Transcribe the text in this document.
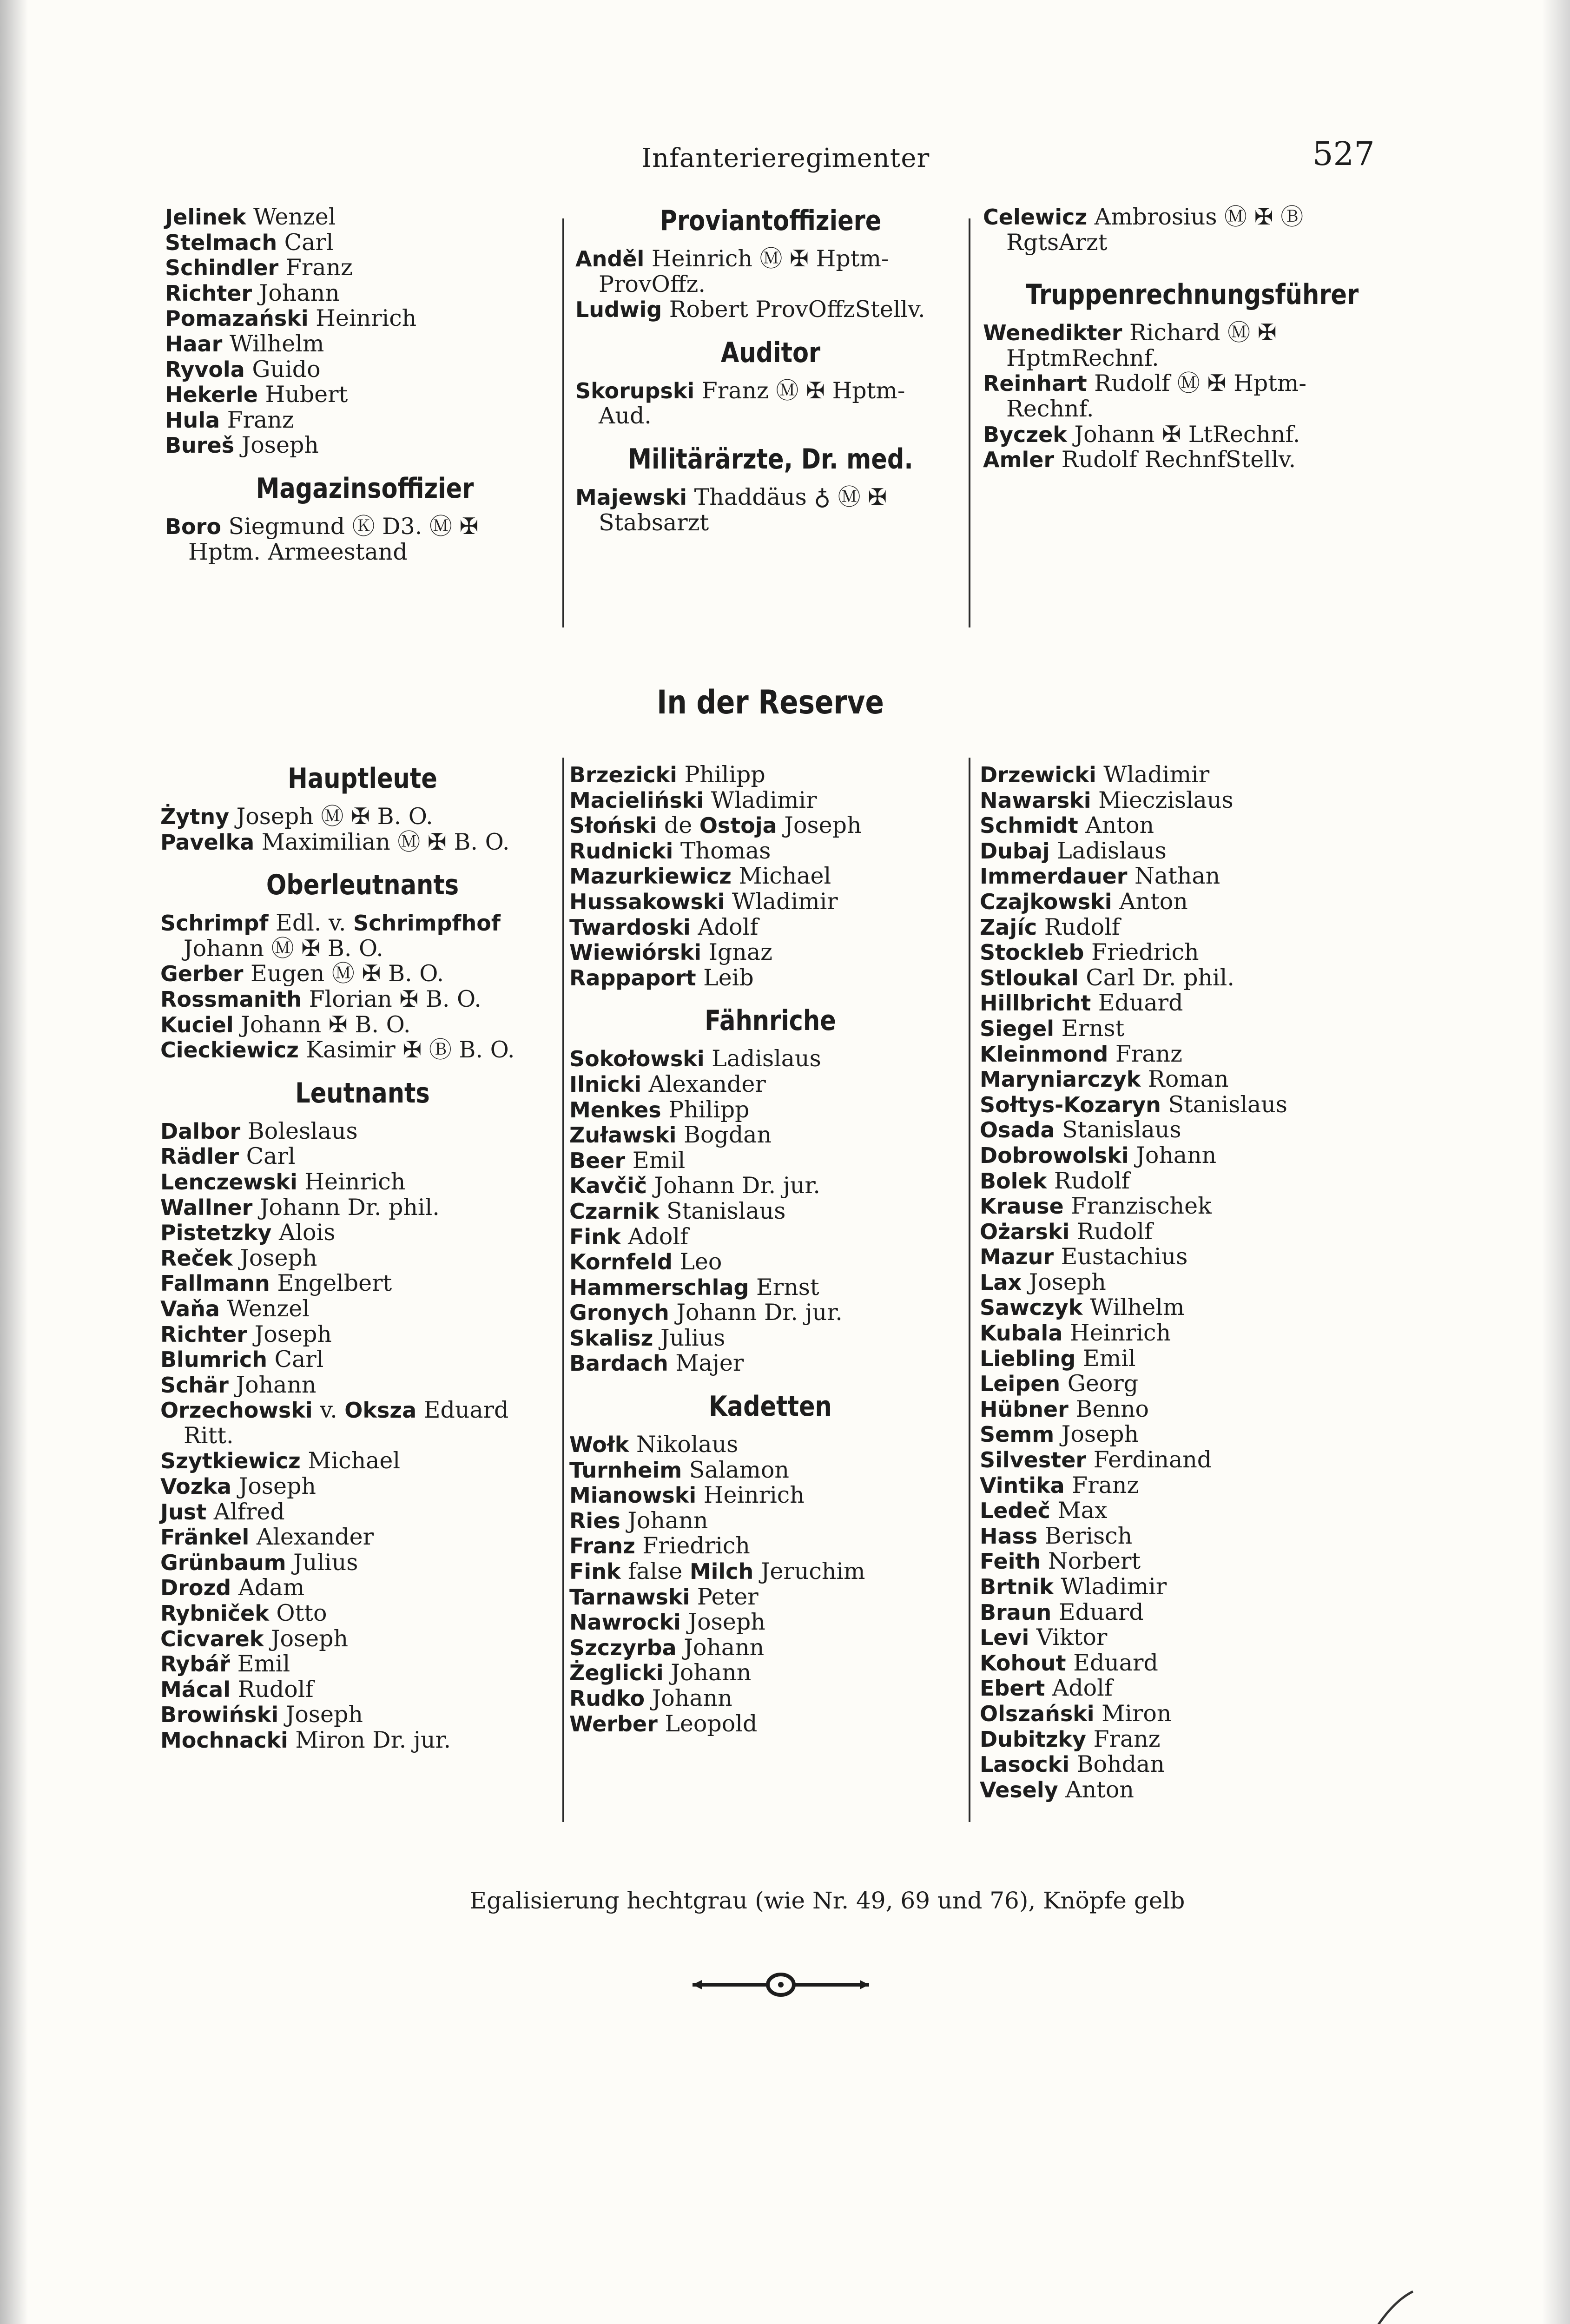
Infanterieregimenter	527
Jelinek Wenzel
Stelmach Carl
Schindler Franz
Richter Johann
Pomazański Heinrich
Haar Wilhelm
Ryvola Guido
Hekerle Hubert
Hula Franz
Bureš Joseph
Magazinsoffizier
Boro Siegmund Ⓚ D3. Ⓜ ✠
Hptm. Armeestand
Proviantoffiziere
Anděl Heinrich Ⓜ ✠ Hptm-
ProvOffz.
Ludwig Robert ProvOffzStellv.
Auditor
Skorupski Franz Ⓜ ✠ Hptm-
Aud.
Militärärzte, Dr. med.
Majewski Thaddäus ♁ Ⓜ ✠
Stabsarzt
Celewicz Ambrosius Ⓜ ✠ Ⓑ
RgtsArzt
Truppenrechnungsführer
Wenedikter Richard Ⓜ ✠
HptmRechnf.
Reinhart Rudolf Ⓜ ✠ Hptm-
Rechnf.
Byczek Johann ✠ LtRechnf.
Amler Rudolf RechnfStellv.
In der Reserve
Hauptleute
Żytny Joseph Ⓜ ✠ B. O.
Pavelka Maximilian Ⓜ ✠ B. O.
Oberleutnants
Schrimpf Edl. v. Schrimpfhof
Johann Ⓜ ✠ B. O.
Gerber Eugen Ⓜ ✠ B. O.
Rossmanith Florian ✠ B. O.
Kuciel Johann ✠ B. O.
Cieckiewicz Kasimir ✠ Ⓑ B. O.
Leutnants
Dalbor Boleslaus
Rädler Carl
Lenczewski Heinrich
Wallner Johann Dr. phil.
Pistetzky Alois
Reček Joseph
Fallmann Engelbert
Vaňa Wenzel
Richter Joseph
Blumrich Carl
Schär Johann
Orzechowski v. Oksza Eduard
Ritt.
Szytkiewicz Michael
Vozka Joseph
Just Alfred
Fränkel Alexander
Grünbaum Julius
Drozd Adam
Rybniček Otto
Cicvarek Joseph
Rybář Emil
Mácal Rudolf
Browiński Joseph
Mochnacki Miron Dr. jur.
Brzezicki Philipp
Macieliński Wladimir
Słoński de Ostoja Joseph
Rudnicki Thomas
Mazurkiewicz Michael
Hussakowski Wladimir
Twardoski Adolf
Wiewiórski Ignaz
Rappaport Leib
Fähnriche
Sokołowski Ladislaus
Ilnicki Alexander
Menkes Philipp
Zuławski Bogdan
Beer Emil
Kavčič Johann Dr. jur.
Czarnik Stanislaus
Fink Adolf
Kornfeld Leo
Hammerschlag Ernst
Gronych Johann Dr. jur.
Skalisz Julius
Bardach Majer
Kadetten
Wołk Nikolaus
Turnheim Salamon
Mianowski Heinrich
Ries Johann
Franz Friedrich
Fink false Milch Jeruchim
Tarnawski Peter
Nawrocki Joseph
Szczyrba Johann
Żeglicki Johann
Rudko Johann
Werber Leopold
Drzewicki Wladimir
Nawarski Mieczislaus
Schmidt Anton
Dubaj Ladislaus
Immerdauer Nathan
Czajkowski Anton
Zajíc Rudolf
Stockleb Friedrich
Stloukal Carl Dr. phil.
Hillbricht Eduard
Siegel Ernst
Kleinmond Franz
Maryniarczyk Roman
Sołtys-Kozaryn Stanislaus
Osada Stanislaus
Dobrowolski Johann
Bolek Rudolf
Krause Franzischek
Ożarski Rudolf
Mazur Eustachius
Lax Joseph
Sawczyk Wilhelm
Kubala Heinrich
Liebling Emil
Leipen Georg
Hübner Benno
Semm Joseph
Silvester Ferdinand
Vintika Franz
Ledeč Max
Hass Berisch
Feith Norbert
Brtnik Wladimir
Braun Eduard
Levi Viktor
Kohout Eduard
Ebert Adolf
Olszański Miron
Dubitzky Franz
Lasocki Bohdan
Vesely Anton
Egalisierung hechtgrau (wie Nr. 49, 69 und 76), Knöpfe gelb
